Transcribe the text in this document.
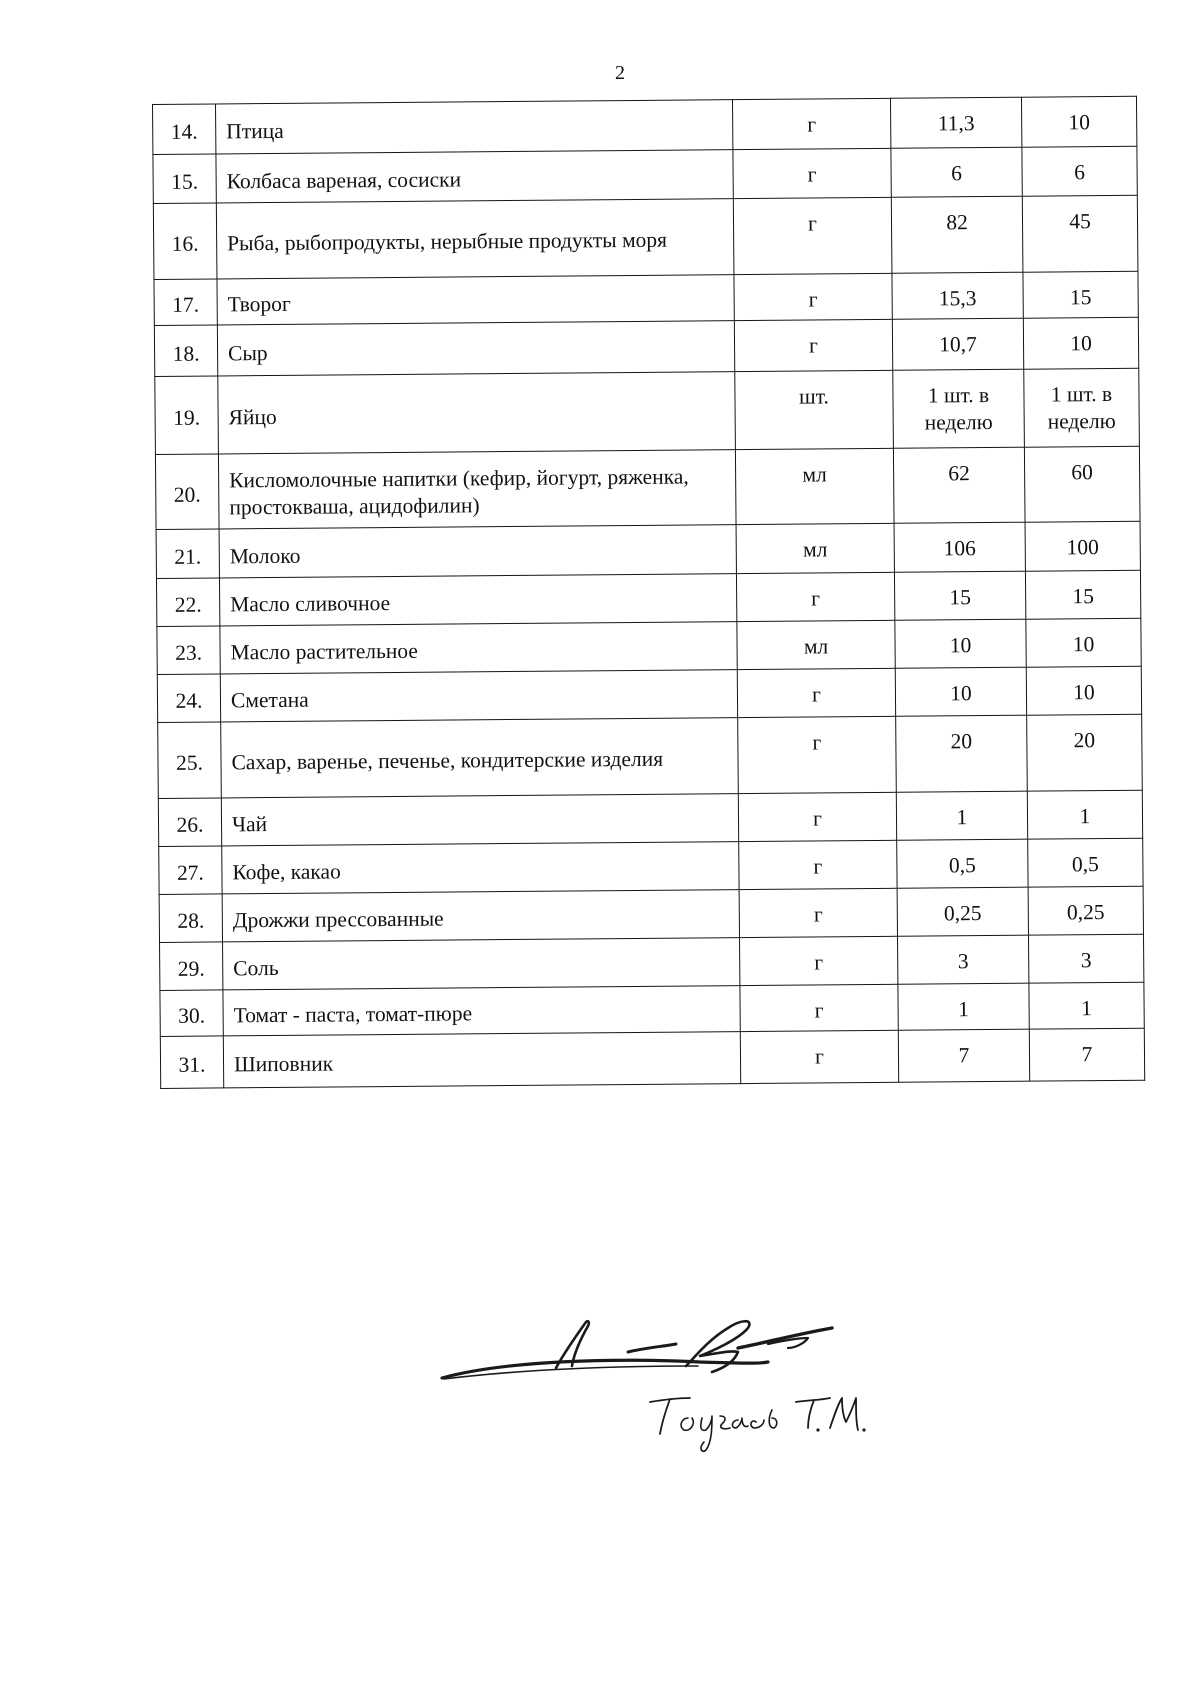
2
14.	Птица	г	11,3	10

15.	Колбаса вареная, сосиски	г	6	6

16.	Рыба, рыбопродукты, нерыбные продукты моря	г	82	45

17.	Творог	г	15,3	15

18.	Сыр	г	10,7	10

19.	Яйцо	шт.	1 шт. в неделю	1 шт. в неделю

20.	Кисломолочные напитки (кефир, йогурт, ряженка, простокваша, ацидофилин)	мл	62	60

21.	Молоко	мл	106	100

22.	Масло сливочное	г	15	15

23.	Масло растительное	мл	10	10

24.	Сметана	г	10	10

25.	Сахар, варенье, печенье, кондитерские изделия	г	20	20

26.	Чай	г	1	1

27.	Кофе, какао	г	0,5	0,5

28.	Дрожжи прессованные	г	0,25	0,25

29.	Соль	г	3	3

30.	Томат - паста, томат-пюре	г	1	1

31.	Шиповник	г	7	7
